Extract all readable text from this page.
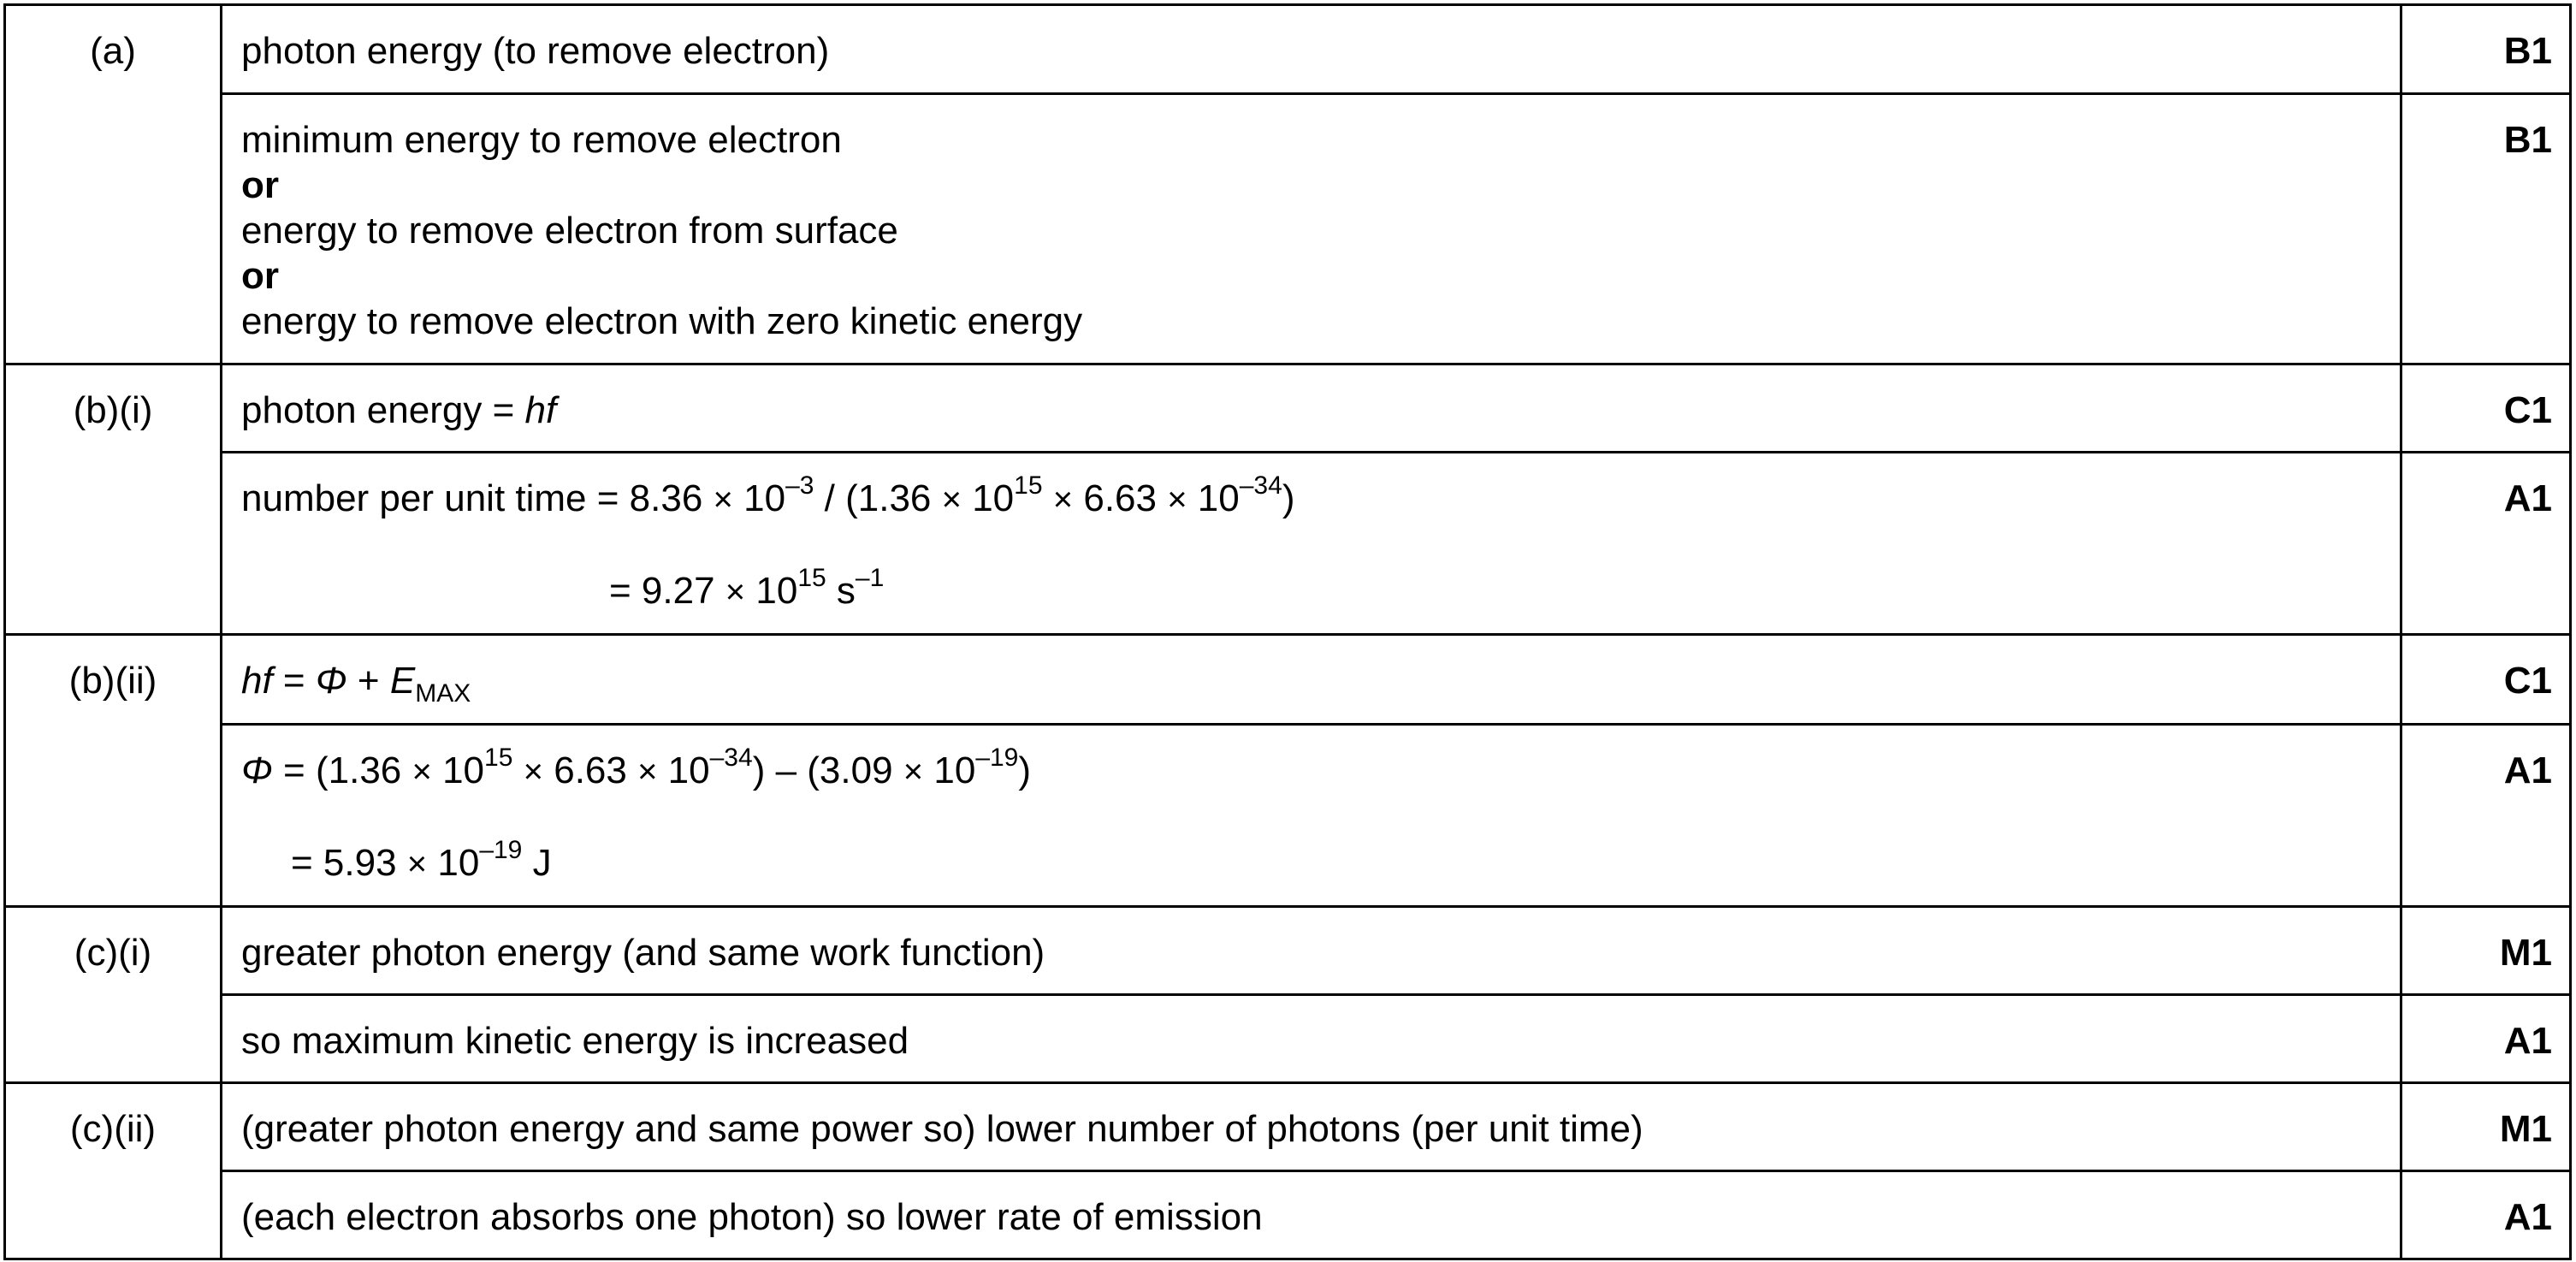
(a)	photon energy (to remove electron)	B1

	minimum energy to remove electron
or
energy to remove electron from surface
or
energy to remove electron with zero kinetic energy	B1
(b)(i)	photon energy = hf	C1

	number per unit time = $8.36 \times 10^{-3} / (1.36 \times 10^{15} \times 6.63 \times 10^{-34})$
= $9.27 \times 10^{15}$ $s^{-1}$	A1
(b)(ii)	hf = $\Phi + E_{MAX}$	C1

	$\Phi = (1.36 \times 10^{15} \times 6.63 \times 10^{-34}) - (3.09 \times 10^{-19})$
= $5.93 \times 10^{-19}$ J	A1
(c)(i)	greater photon energy (and same work function)	M1
	so maximum kinetic energy is increased	A1
(c)(ii)	(greater photon energy and same power so) lower number of photons (per unit time)	M1
	(each electron absorbs one photon) so lower rate of emission	A1
